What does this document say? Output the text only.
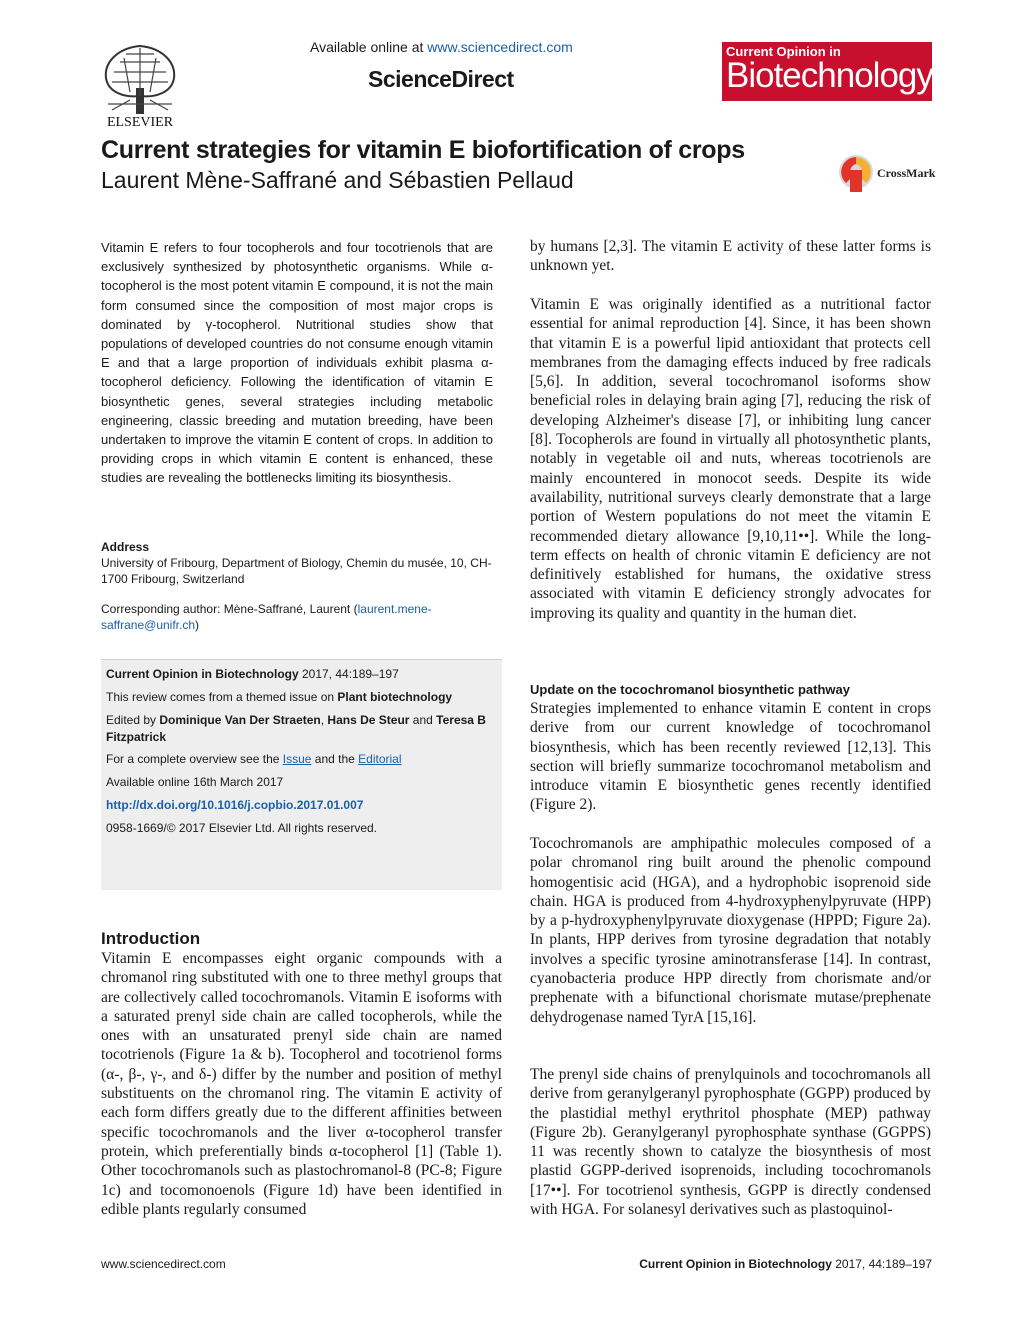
ELSEVIER
Available online at www.sciencedirect.com
ScienceDirect
Current Opinion in
Biotechnology
Current strategies for vitamin E biofortification of crops
Laurent Mène-Saffrané and Sébastien Pellaud	CrossMark
Vitamin E refers to four tocopherols and four tocotrienols that are exclusively synthesized by photosynthetic organisms. While α-tocopherol is the most potent vitamin E compound, it is not the main form consumed since the composition of most major crops is dominated by γ-tocopherol. Nutritional studies show that populations of developed countries do not consume enough vitamin E and that a large proportion of individuals exhibit plasma α-tocopherol deficiency. Following the identification of vitamin E biosynthetic genes, several strategies including metabolic engineering, classic breeding and mutation breeding, have been undertaken to improve the vitamin E content of crops. In addition to providing crops in which vitamin E content is enhanced, these studies are revealing the bottlenecks limiting its biosynthesis.
Address
University of Fribourg, Department of Biology, Chemin du musée, 10, CH-1700 Fribourg, Switzerland
Corresponding author: Mène-Saffrané, Laurent (laurent.mene-saffrane@unifr.ch)
Current Opinion in Biotechnology 2017, 44:189–197
This review comes from a themed issue on Plant biotechnology
Edited by Dominique Van Der Straeten, Hans De Steur and Teresa B Fitzpatrick
For a complete overview see the Issue and the Editorial
Available online 16th March 2017
http://dx.doi.org/10.1016/j.copbio.2017.01.007
0958-1669/© 2017 Elsevier Ltd. All rights reserved.
Introduction
Vitamin E encompasses eight organic compounds with a chromanol ring substituted with one to three methyl groups that are collectively called tocochromanols. Vitamin E isoforms with a saturated prenyl side chain are called tocopherols, while the ones with an unsaturated prenyl side chain are named tocotrienols (Figure 1a & b). Tocopherol and tocotrienol forms (α-, β-, γ-, and δ-) differ by the number and position of methyl substituents on the chromanol ring. The vitamin E activity of each form differs greatly due to the different affinities between specific tocochromanols and the liver α-tocopherol transfer protein, which preferentially binds α-tocopherol [1] (Table 1). Other tocochromanols such as plastochromanol-8 (PC-8; Figure 1c) and tocomonoenols (Figure 1d) have been identified in edible plants regularly consumed
by humans [2,3]. The vitamin E activity of these latter forms is unknown yet.
Vitamin E was originally identified as a nutritional factor essential for animal reproduction [4]. Since, it has been shown that vitamin E is a powerful lipid antioxidant that protects cell membranes from the damaging effects induced by free radicals [5,6]. In addition, several tocochromanol isoforms show beneficial roles in delaying brain aging [7], reducing the risk of developing Alzheimer's disease [7], or inhibiting lung cancer [8]. Tocopherols are found in virtually all photosynthetic plants, notably in vegetable oil and nuts, whereas tocotrienols are mainly encountered in monocot seeds. Despite its wide availability, nutritional surveys clearly demonstrate that a large portion of Western populations do not meet the vitamin E recommended dietary allowance [9,10,11••]. While the long-term effects on health of chronic vitamin E deficiency are not definitively established for humans, the oxidative stress associated with vitamin E deficiency strongly advocates for improving its quality and quantity in the human diet.
Update on the tocochromanol biosynthetic pathway
Strategies implemented to enhance vitamin E content in crops derive from our current knowledge of tocochromanol biosynthesis, which has been recently reviewed [12,13]. This section will briefly summarize tocochromanol metabolism and introduce vitamin E biosynthetic genes recently identified (Figure 2).
Tocochromanols are amphipathic molecules composed of a polar chromanol ring built around the phenolic compound homogentisic acid (HGA), and a hydrophobic isoprenoid side chain. HGA is produced from 4-hydroxyphenylpyruvate (HPP) by a p-hydroxyphenylpyruvate dioxygenase (HPPD; Figure 2a). In plants, HPP derives from tyrosine degradation that notably involves a specific tyrosine aminotransferase [14]. In contrast, cyanobacteria produce HPP directly from chorismate and/or prephenate with a bifunctional chorismate mutase/prephenate dehydrogenase named TyrA [15,16].
The prenyl side chains of prenylquinols and tocochromanols all derive from geranylgeranyl pyrophosphate (GGPP) produced by the plastidial methyl erythritol phosphate (MEP) pathway (Figure 2b). Geranylgeranyl pyrophosphate synthase (GGPPS) 11 was recently shown to catalyze the biosynthesis of most plastid GGPP-derived isoprenoids, including tocochromanols [17••]. For tocotrienol synthesis, GGPP is directly condensed with HGA. For solanesyl derivatives such as plastoquinol-
www.sciencedirect.com	Current Opinion in Biotechnology 2017, 44:189–197
